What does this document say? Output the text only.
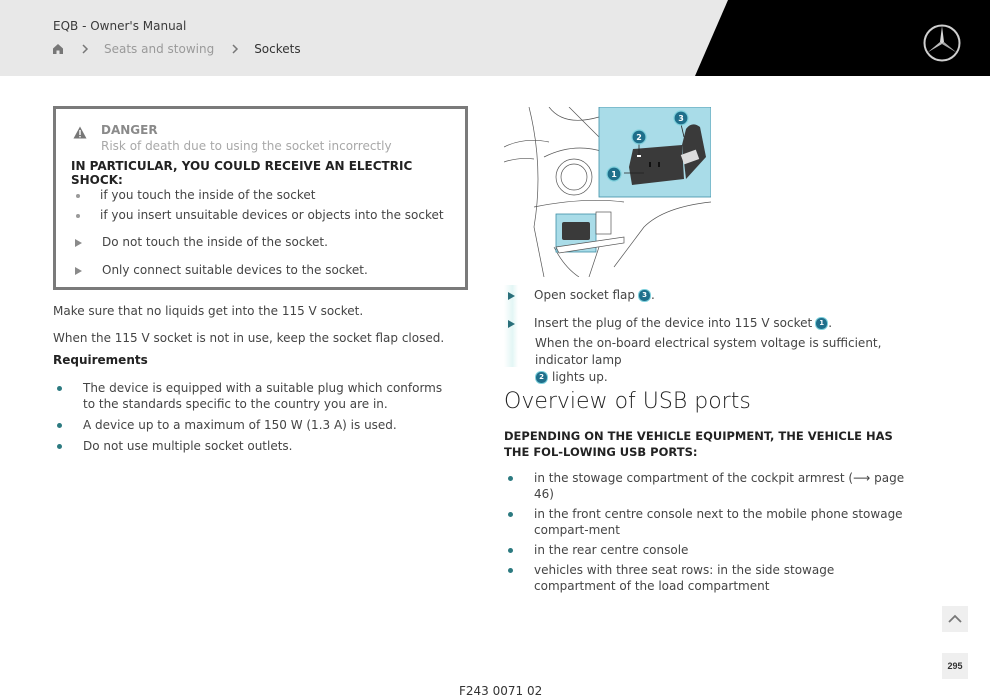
EQB - Owner's Manual
Seats and stowing	Sockets
DANGER
Risk of death due to using the socket incorrectly
IN PARTICULAR, YOU COULD RECEIVE AN ELECTRIC SHOCK:
if you touch the inside of the socket
if you insert unsuitable devices or objects into the socket
Do not touch the inside of the socket.
Only connect suitable devices to the socket.
Make sure that no liquids get into the 115 V socket.
When the 115 V socket is not in use, keep the socket flap closed.
Requirements
The device is equipped with a suitable plug which conforms to the standards specific to the country you are in.
A device up to a maximum of 150 W (1.3 A) is used.
Do not use multiple socket outlets.
1
2
3
Open socket flap 3 .
Insert the plug of the device into 115 V socket 1 .
When the on-board electrical system voltage is sufficient, indicator lamp
2 lights up.
Overview of USB ports
DEPENDING ON THE VEHICLE EQUIPMENT, THE VEHICLE HAS THE FOL-LOWING USB PORTS:
in the stowage compartment of the cockpit armrest (⟶ page 46)
in the front centre console next to the mobile phone stowage compart-ment
in the rear centre console
vehicles with three seat rows: in the side stowage compartment of the load compartment
295
F243 0071 02
